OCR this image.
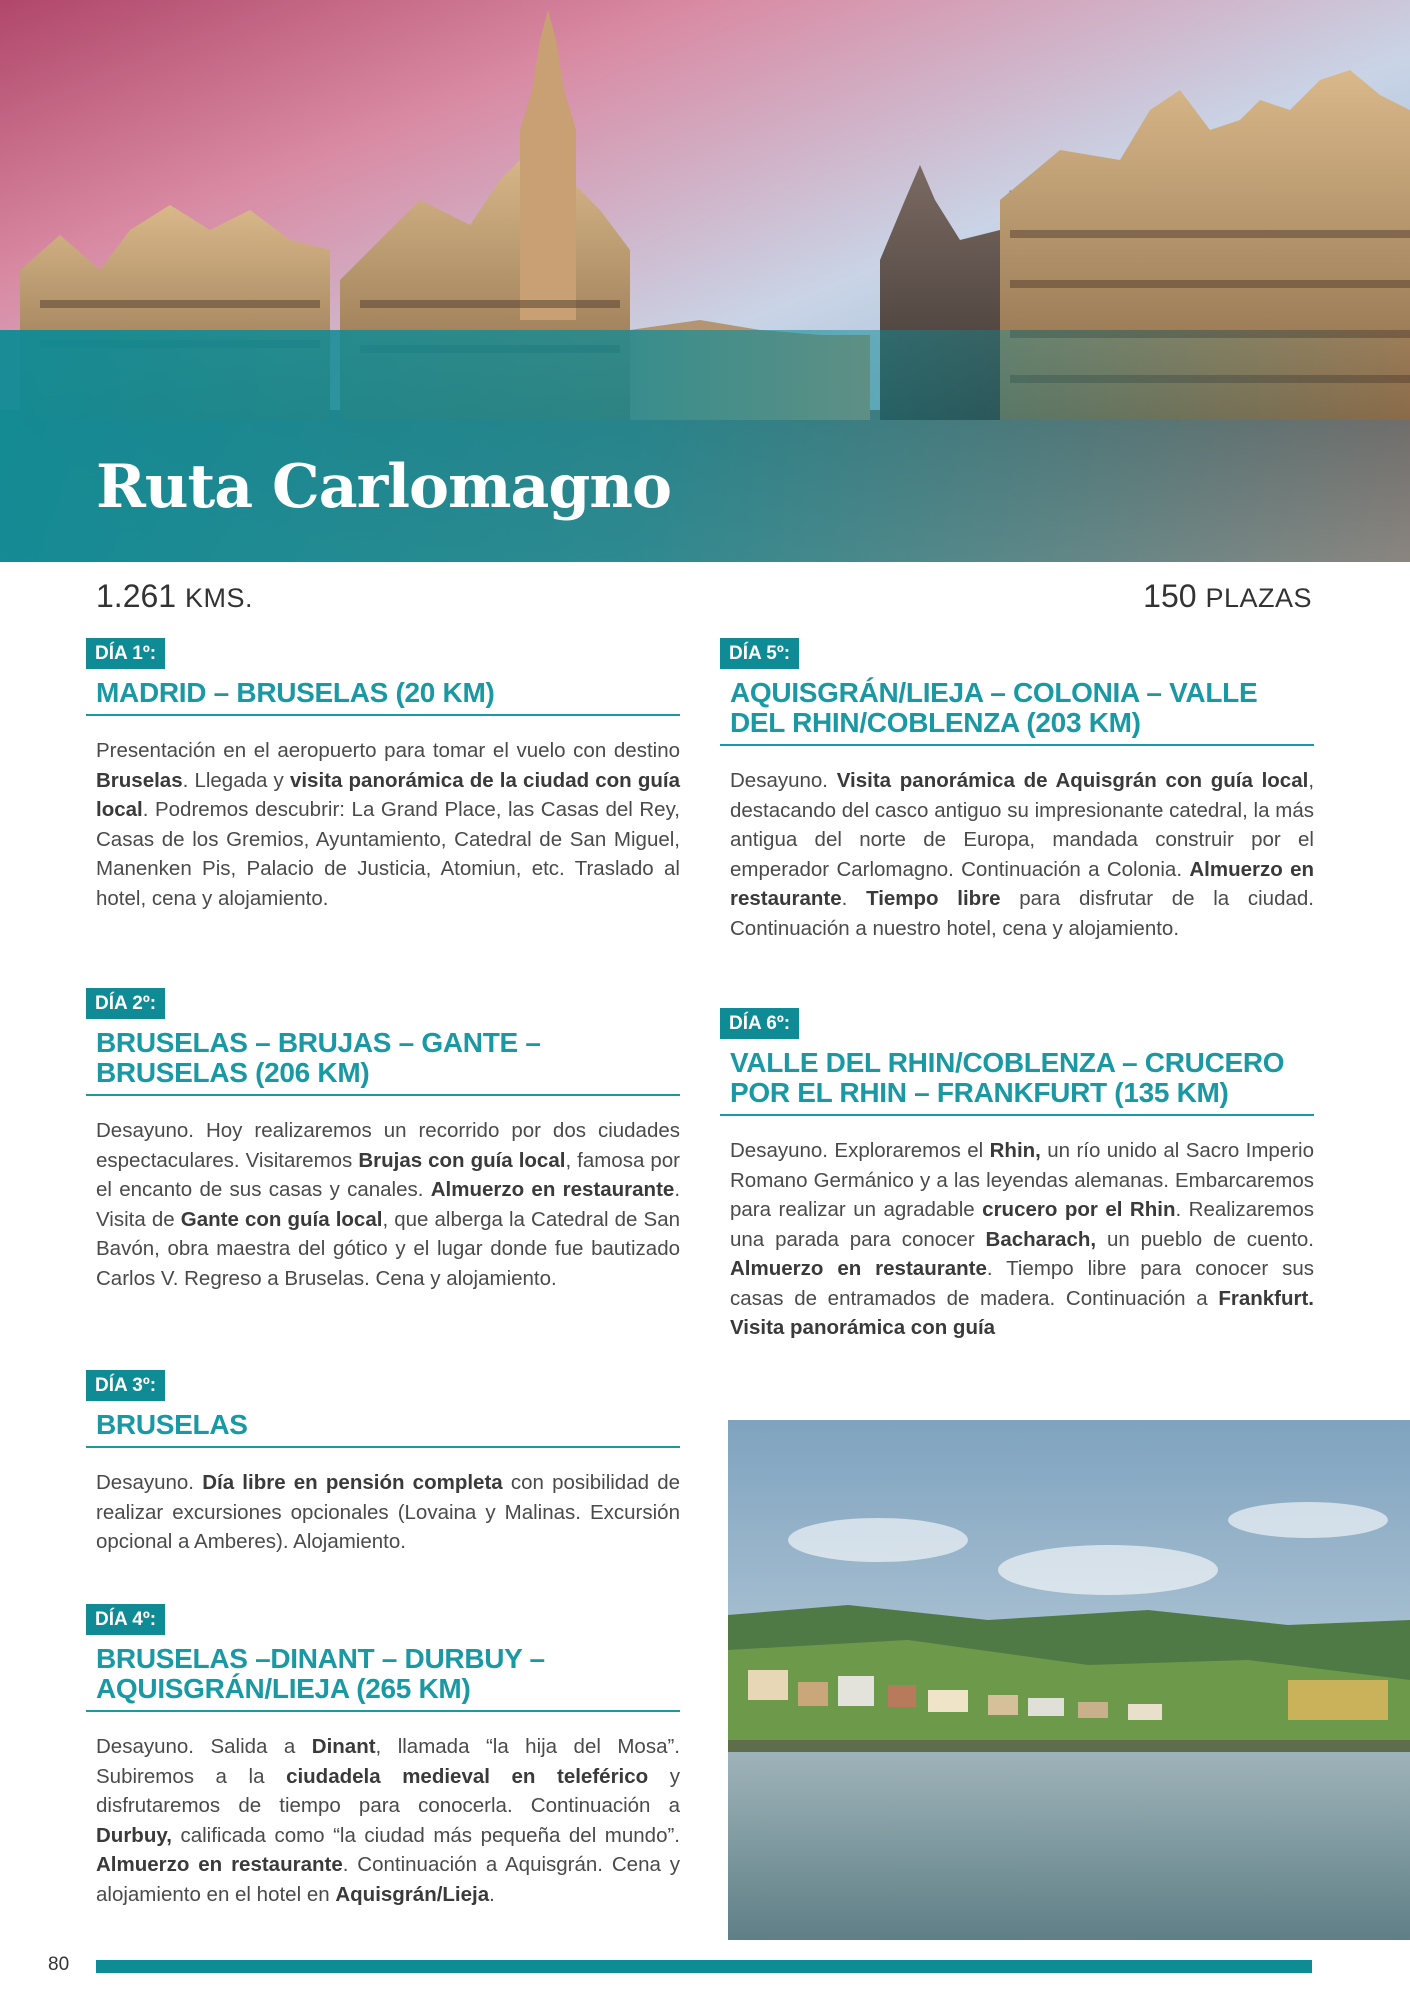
Ruta Carlomagno
1.261 KMS.	150 PLAZAS
DÍA 1º:
MADRID – BRUSELAS (20 KM)

Presentación en el aeropuerto para tomar el vuelo con destino Bruselas. Llegada y visita panorámica de la ciudad con guía local. Podremos descubrir: La Grand Place, las Casas del Rey, Casas de los Gremios, Ayuntamiento, Catedral de San Miguel, Manenken Pis, Palacio de Justicia, Atomiun, etc. Traslado al hotel, cena y alojamiento.

DÍA 2º:
BRUSELAS – BRUJAS – GANTE – BRUSELAS (206 KM)

Desayuno. Hoy realizaremos un recorrido por dos ciudades espectaculares. Visitaremos Brujas con guía local, famosa por el encanto de sus casas y canales. Almuerzo en restaurante. Visita de Gante con guía local, que alberga la Catedral de San Bavón, obra maestra del gótico y el lugar donde fue bautizado Carlos V. Regreso a Bruselas. Cena y alojamiento.

DÍA 3º:
BRUSELAS

Desayuno. Día libre en pensión completa con posibilidad de realizar excursiones opcionales (Lovaina y Malinas. Excursión opcional a Amberes). Alojamiento.

DÍA 4º:
BRUSELAS –DINANT – DURBUY – AQUISGRÁN/LIEJA (265 KM)

Desayuno. Salida a Dinant, llamada “la hija del Mosa”. Subiremos a la ciudadela medieval en teleférico y disfrutaremos de tiempo para conocerla. Continuación a Durbuy, calificada como “la ciudad más pequeña del mundo”. Almuerzo en restaurante. Continuación a Aquisgrán. Cena y alojamiento en el hotel en Aquisgrán/Lieja.

DÍA 5º:
AQUISGRÁN/LIEJA – COLONIA – VALLE DEL RHIN/COBLENZA (203 KM)

Desayuno. Visita panorámica de Aquisgrán con guía local, destacando del casco antiguo su impresionante catedral, la más antigua del norte de Europa, mandada construir por el emperador Carlomagno. Continuación a Colonia. Almuerzo en restaurante. Tiempo libre para disfrutar de la ciudad. Continuación a nuestro hotel, cena y alojamiento.

DÍA 6º:
VALLE DEL RHIN/COBLENZA – CRUCERO POR EL RHIN – FRANKFURT (135 KM)

Desayuno. Exploraremos el Rhin, un río unido al Sacro Imperio Romano Germánico y a las leyendas alemanas. Embarcaremos para realizar un agradable crucero por el Rhin. Realizaremos una parada para conocer Bacharach, un pueblo de cuento. Almuerzo en restaurante. Tiempo libre para conocer sus casas de entramados de madera. Continuación a Frankfurt. Visita panorámica con guía

80
